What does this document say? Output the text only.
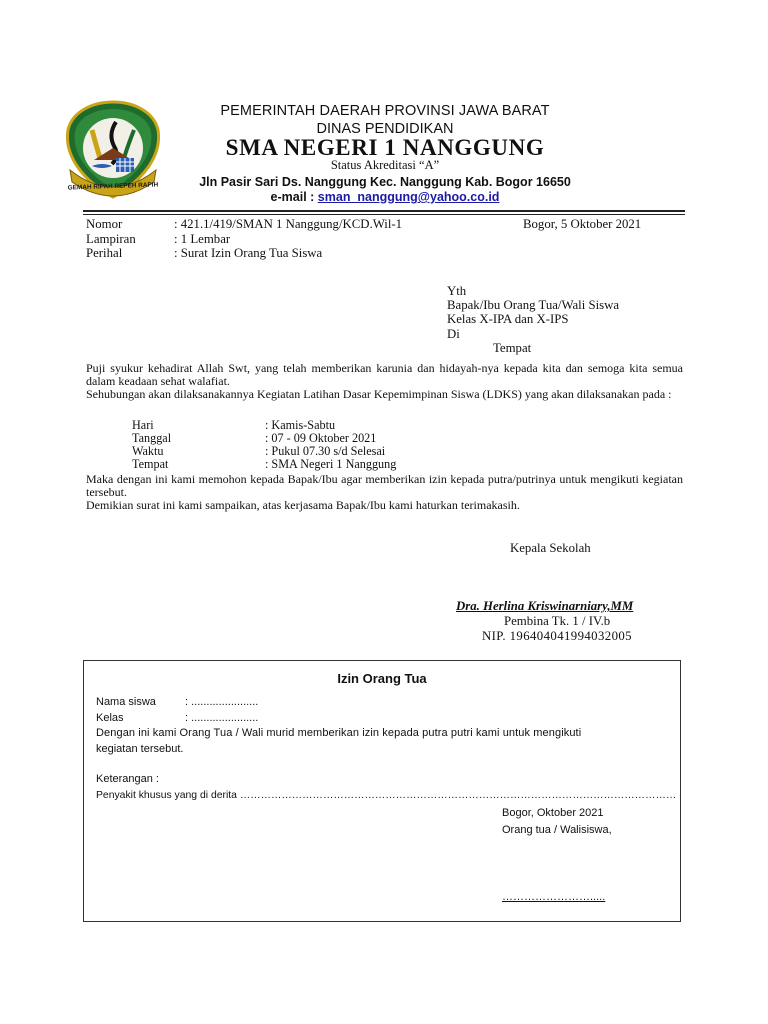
GEMAH RIPAH REPEH RAPIH
PEMERINTAH DAERAH PROVINSI JAWA BARAT
DINAS PENDIDIKAN
SMA NEGERI 1 NANGGUNG
Status Akreditasi “A”
Jln Pasir Sari Ds. Nanggung Kec. Nanggung Kab. Bogor 16650
e-mail : sman_nanggung@yahoo.co.id
Nomor	: 421.1/419/SMAN 1 Nanggung/KCD.Wil-1	Bogor, 5 Oktober 2021
Lampiran	: 1 Lembar
Perihal	: Surat Izin Orang Tua Siswa
Yth
Bapak/Ibu Orang Tua/Wali Siswa
Kelas X-IPA dan X-IPS
Di
Tempat
Puji syukur kehadirat Allah Swt, yang telah memberikan karunia dan hidayah-nya kepada kita dan semoga kita semua dalam keadaan sehat walafiat.
Sehubungan akan dilaksanakannya Kegiatan Latihan Dasar Kepemimpinan Siswa (LDKS) yang akan dilaksanakan pada :
Hari	: Kamis-Sabtu
Tanggal	: 07 - 09 Oktober 2021
Waktu	: Pukul 07.30 s/d Selesai
Tempat	: SMA Negeri 1 Nanggung
Maka dengan ini kami memohon kepada Bapak/Ibu agar memberikan izin kepada putra/putrinya untuk mengikuti kegiatan tersebut.
Demikian surat ini kami sampaikan, atas kerjasama Bapak/Ibu kami haturkan terimakasih.
Kepala Sekolah
Dra. Herlina Kriswinarniary,MM
Pembina Tk. 1 / IV.b
NIP. 196404041994032005
Izin Orang Tua
Nama siswa	: ......................
Kelas	: ......................
Dengan ini kami Orang Tua / Wali murid memberikan izin kepada putra putri kami untuk mengikuti
kegiatan tersebut.
Keterangan :
Penyakit khusus yang di derita ………………………………………………………………………………………………………………
Bogor, Oktober 2021
Orang tua / Walisiswa,
…………………….....
